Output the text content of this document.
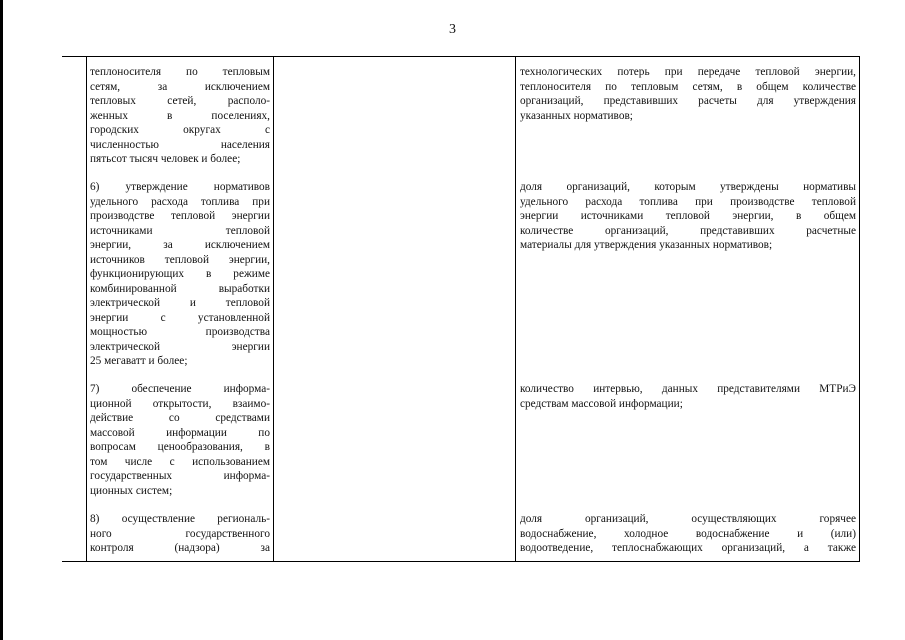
3

теплоносителя по тепловым

сетям, за исключением

тепловых сетей, располо-

женных в поселениях,

городских округах с

численностью населения

пятьсот тысяч человек и более;

технологических потерь при передаче тепловой энергии,

теплоносителя по тепловым сетям, в общем количестве

организаций, представивших расчеты для утверждения

указанных нормативов;

6) утверждение нормативов

удельного расхода топлива при

производстве тепловой энергии

источниками тепловой

энергии, за исключением

источников тепловой энергии,

функционирующих в режиме

комбинированной выработки

электрической и тепловой

энергии с установленной

мощностью производства

электрической энергии

25 мегаватт и более;

доля организаций, которым утверждены нормативы

удельного расхода топлива при производстве тепловой

энергии источниками тепловой энергии, в общем

количестве организаций, представивших расчетные

материалы для утверждения указанных нормативов;

7) обеспечение информа-

ционной открытости, взаимо-

действие со средствами

массовой информации по

вопросам ценообразования, в

том числе с использованием

государственных информа-

ционных систем;

количество интервью, данных представителями МТРиЭ

средствам массовой информации;

8) осуществление региональ-

ного государственного

контроля (надзора) за

доля организаций, осуществляющих горячее

водоснабжение, холодное водоснабжение и (или)

водоотведение, теплоснабжающих организаций, а также
